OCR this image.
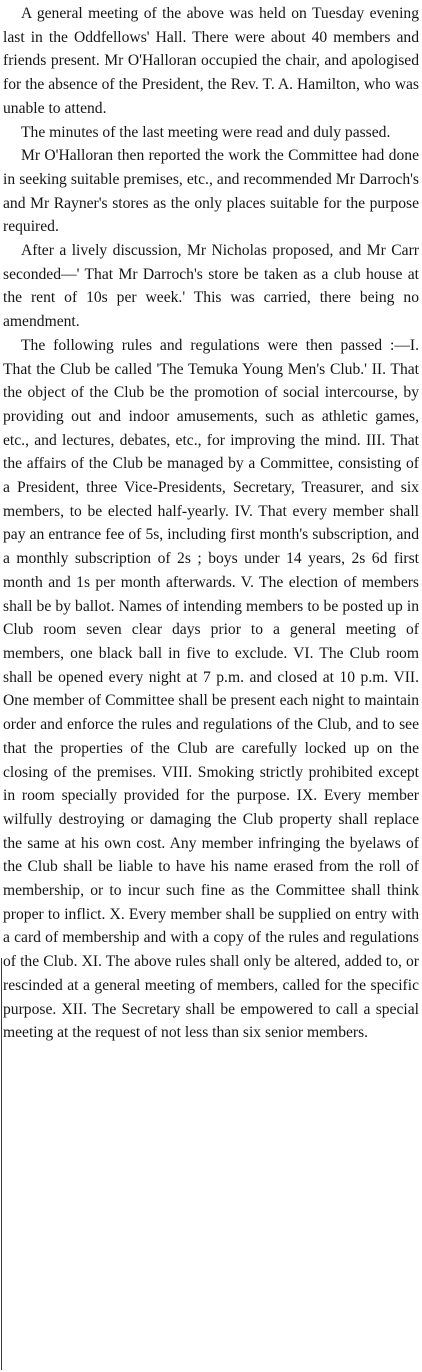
A general meeting of the above was held on Tuesday evening last in the Oddfellows' Hall. There were about 40 members and friends present. Mr O'Halloran occupied the chair, and apologised for the absence of the President, the Rev. T. A. Hamilton, who was unable to attend.

The minutes of the last meeting were read and duly passed.

Mr O'Halloran then reported the work the Committee had done in seeking suitable premises, etc., and recommended Mr Darroch's and Mr Rayner's stores as the only places suitable for the purpose required.

After a lively discussion, Mr Nicholas proposed, and Mr Carr seconded—' That Mr Darroch's store be taken as a club house at the rent of 10s per week.' This was carried, there being no amendment.

The following rules and regulations were then passed :—I. That the Club be called 'The Temuka Young Men's Club.' II. That the object of the Club be the promotion of social intercourse, by providing out and indoor amusements, such as athletic games, etc., and lectures, debates, etc., for improving the mind. III. That the affairs of the Club be managed by a Committee, consisting of a President, three Vice-Presidents, Secretary, Treasurer, and six members, to be elected half-yearly. IV. That every member shall pay an entrance fee of 5s, including first month's subscription, and a monthly subscription of 2s ; boys under 14 years, 2s 6d first month and 1s per month afterwards. V. The election of members shall be by ballot. Names of intending members to be posted up in Club room seven clear days prior to a general meeting of members, one black ball in five to exclude. VI. The Club room shall be opened every night at 7 p.m. and closed at 10 p.m. VII. One member of Committee shall be present each night to maintain order and enforce the rules and regulations of the Club, and to see that the properties of the Club are carefully locked up on the closing of the premises. VIII. Smoking strictly prohibited except in room specially provided for the purpose. IX. Every member wilfully destroying or damaging the Club property shall replace the same at his own cost. Any member infringing the byelaws of the Club shall be liable to have his name erased from the roll of membership, or to incur such fine as the Committee shall think proper to inflict. X. Every member shall be supplied on entry with a card of membership and with a copy of the rules and regulations of the Club. XI. The above rules shall only be altered, added to, or rescinded at a general meeting of members, called for the specific purpose. XII. The Secretary shall be empowered to call a special meeting at the request of not less than six senior members.
